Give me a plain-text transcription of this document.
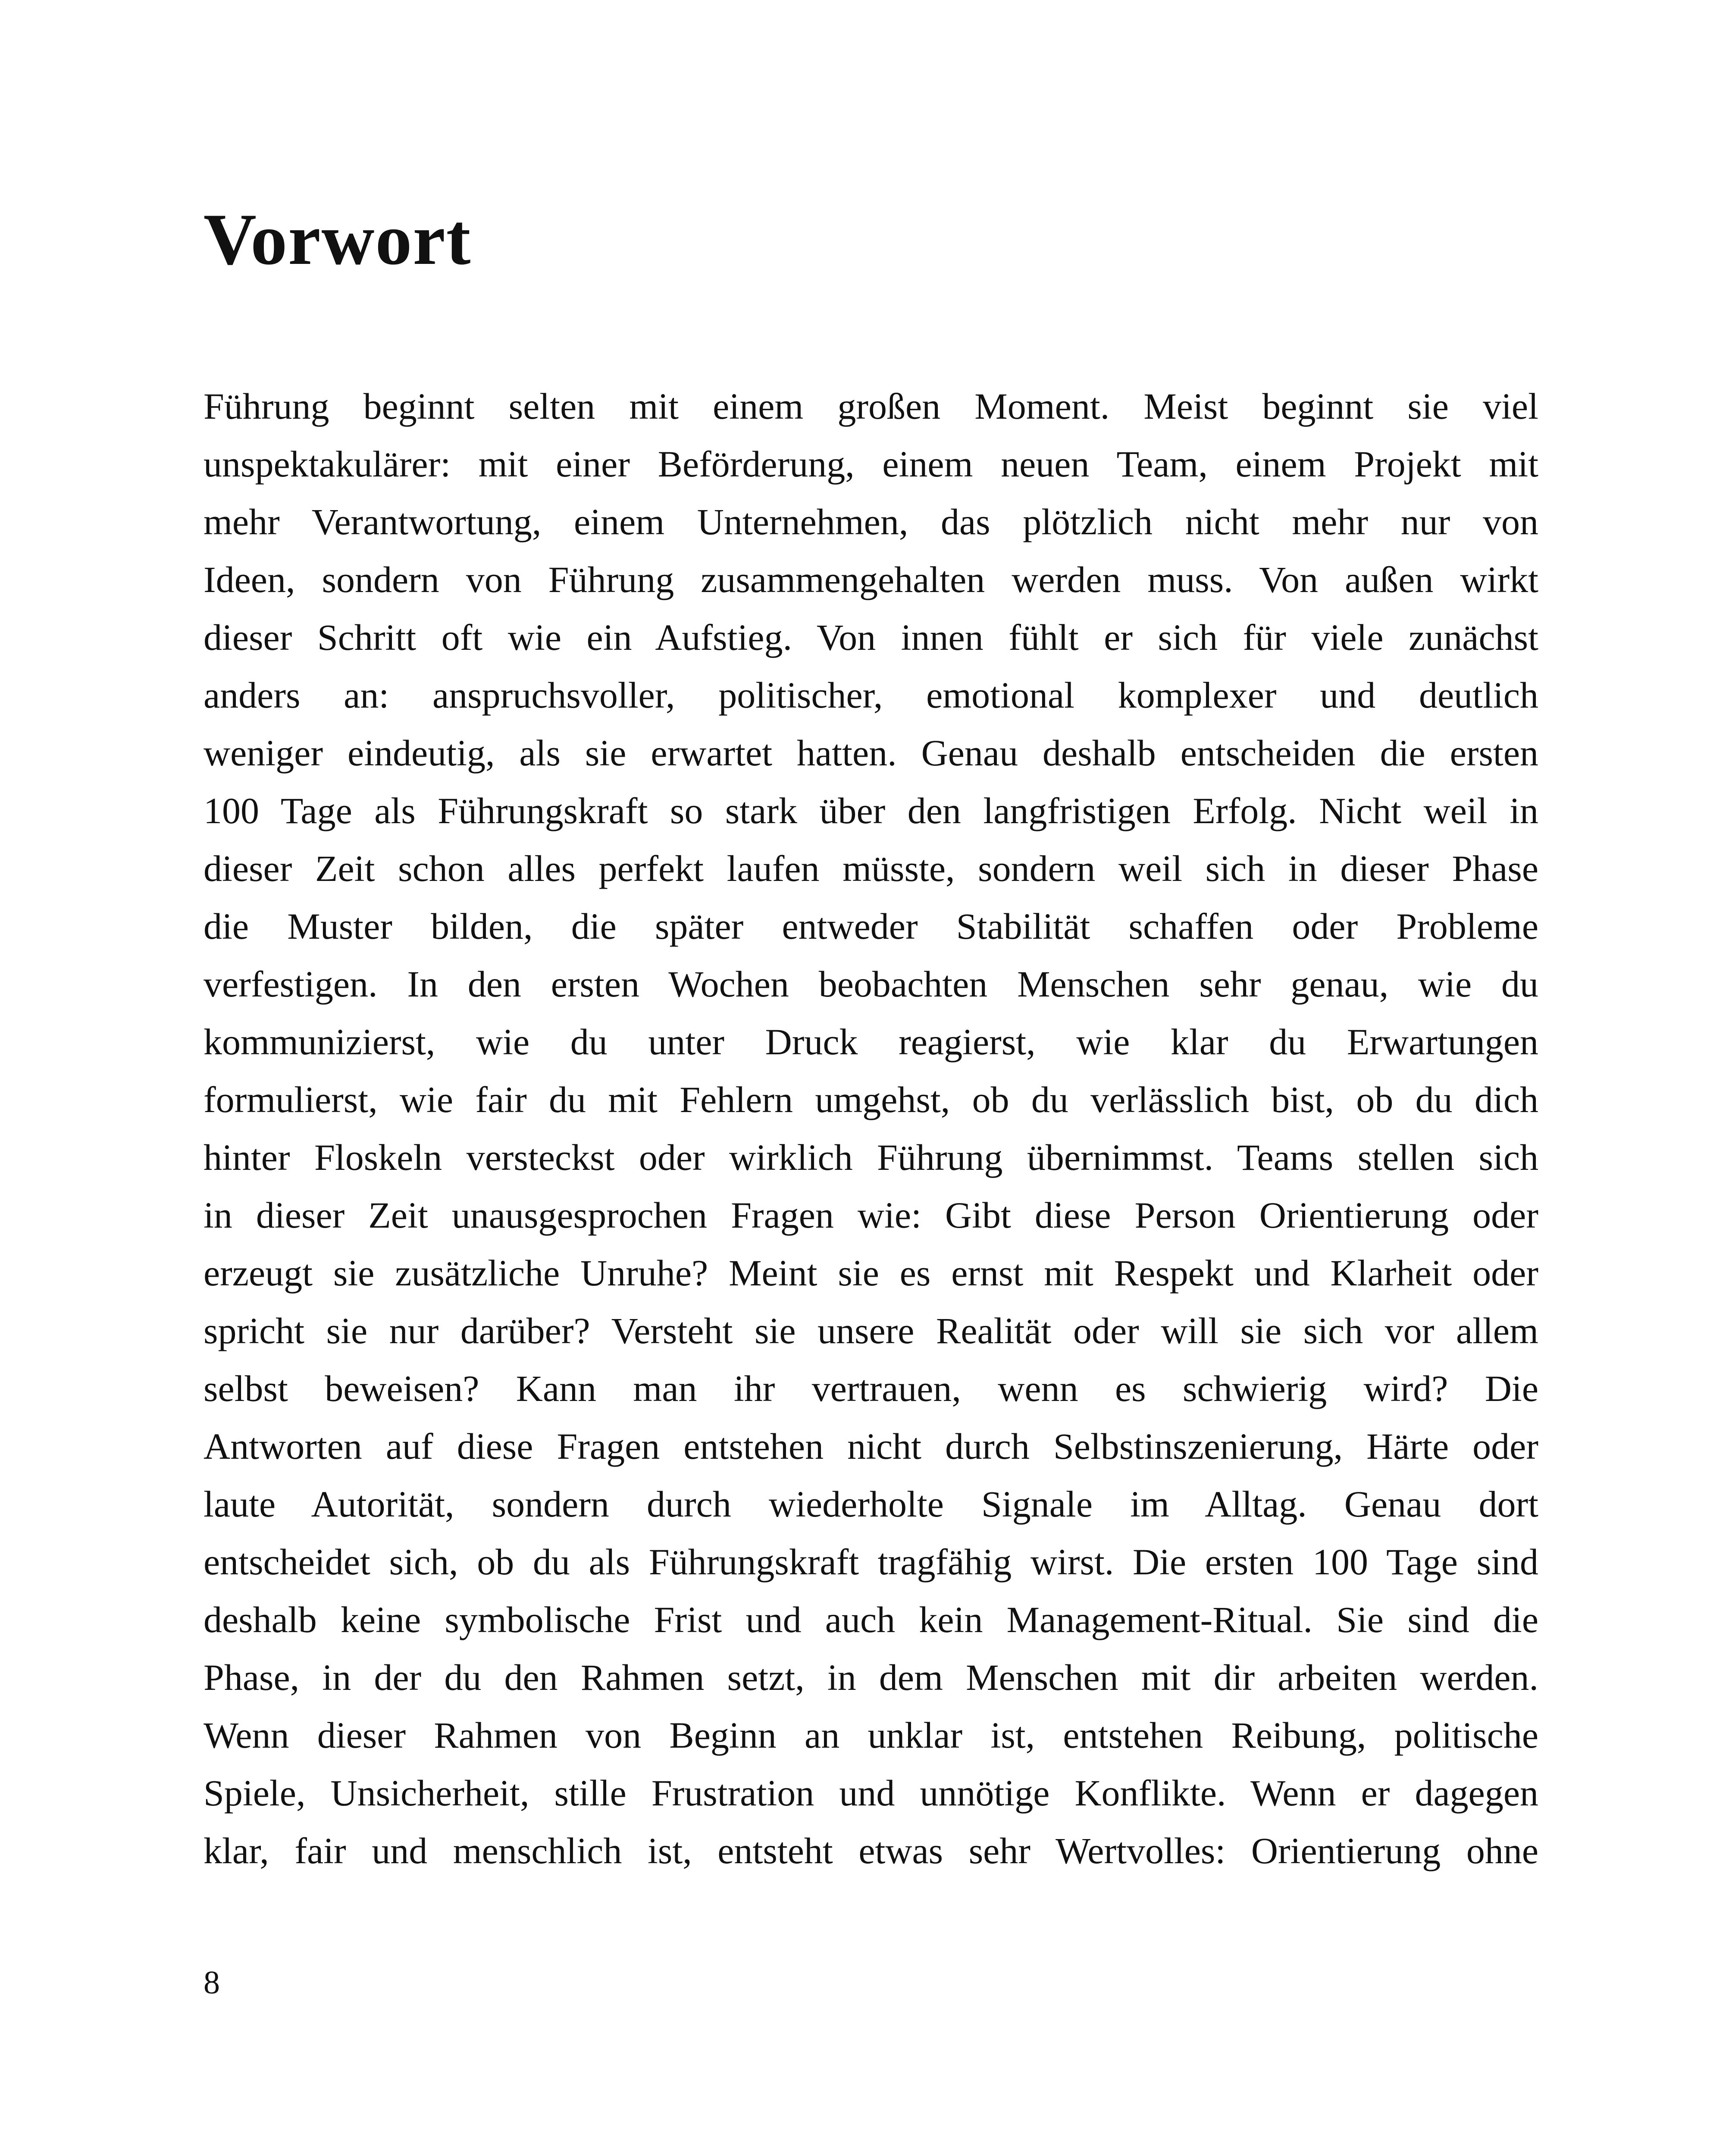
Vorwort
Führung beginnt selten mit einem großen Moment. Meist beginnt sie viel
unspektakulärer: mit einer Beförderung, einem neuen Team, einem Projekt mit
mehr Verantwortung, einem Unternehmen, das plötzlich nicht mehr nur von
Ideen, sondern von Führung zusammengehalten werden muss. Von außen wirkt
dieser Schritt oft wie ein Aufstieg. Von innen fühlt er sich für viele zunächst
anders an: anspruchsvoller, politischer, emotional komplexer und deutlich
weniger eindeutig, als sie erwartet hatten. Genau deshalb entscheiden die ersten
100 Tage als Führungskraft so stark über den langfristigen Erfolg. Nicht weil in
dieser Zeit schon alles perfekt laufen müsste, sondern weil sich in dieser Phase
die Muster bilden, die später entweder Stabilität schaffen oder Probleme
verfestigen. In den ersten Wochen beobachten Menschen sehr genau, wie du
kommunizierst, wie du unter Druck reagierst, wie klar du Erwartungen
formulierst, wie fair du mit Fehlern umgehst, ob du verlässlich bist, ob du dich
hinter Floskeln versteckst oder wirklich Führung übernimmst. Teams stellen sich
in dieser Zeit unausgesprochen Fragen wie: Gibt diese Person Orientierung oder
erzeugt sie zusätzliche Unruhe? Meint sie es ernst mit Respekt und Klarheit oder
spricht sie nur darüber? Versteht sie unsere Realität oder will sie sich vor allem
selbst beweisen? Kann man ihr vertrauen, wenn es schwierig wird? Die
Antworten auf diese Fragen entstehen nicht durch Selbstinszenierung, Härte oder
laute Autorität, sondern durch wiederholte Signale im Alltag. Genau dort
entscheidet sich, ob du als Führungskraft tragfähig wirst. Die ersten 100 Tage sind
deshalb keine symbolische Frist und auch kein Management-Ritual. Sie sind die
Phase, in der du den Rahmen setzt, in dem Menschen mit dir arbeiten werden.
Wenn dieser Rahmen von Beginn an unklar ist, entstehen Reibung, politische
Spiele, Unsicherheit, stille Frustration und unnötige Konflikte. Wenn er dagegen
klar, fair und menschlich ist, entsteht etwas sehr Wertvolles: Orientierung ohne
8
